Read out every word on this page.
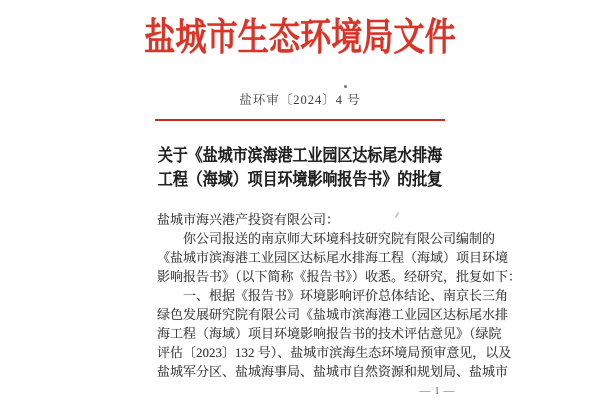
盐城市生态环境局文件
盐环审〔2024〕4 号
关于《盐城市滨海港工业园区达标尾水排海
工程（海域）项目环境影响报告书》的批复
盐城市海兴港产投资有限公司：
你公司报送的南京师大环境科技研究院有限公司编制的
《盐城市滨海港工业园区达标尾水排海工程（海域）项目环境
影响报告书》（以下简称《报告书》）收悉。经研究，批复如下：
一、根据《报告书》环境影响评价总体结论、南京长三角
绿色发展研究院有限公司《盐城市滨海港工业园区达标尾水排
海工程（海域）项目环境影响报告书的技术评估意见》（绿院
评估〔2023〕132 号）、盐城市滨海生态环境局预审意见，以及
盐城军分区、盐城海事局、盐城市自然资源和规划局、盐城市
— 1 —
